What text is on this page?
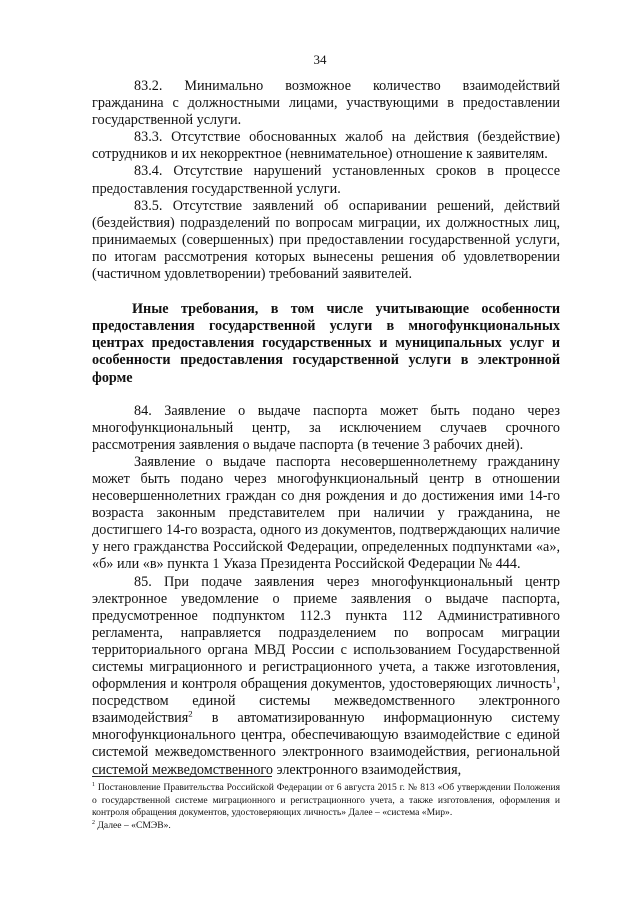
34

83.2. Минимально возможное количество взаимодействий гражданина с должностными лицами, участвующими в предоставлении государственной услуги.

83.3. Отсутствие обоснованных жалоб на действия (бездействие) сотрудников и их некорректное (невнимательное) отношение к заявителям.

83.4. Отсутствие нарушений установленных сроков в процессе предоставления государственной услуги.

83.5. Отсутствие заявлений об оспаривании решений, действий (бездействия) подразделений по вопросам миграции, их должностных лиц, принимаемых (совершенных) при предоставлении государственной услуги, по итогам рассмотрения которых вынесены решения об удовлетворении (частичном удовлетворении) требований заявителей.

Иные требования, в том числе учитывающие особенности предоставления государственной услуги в многофункциональных центрах предоставления государственных и муниципальных услуг и особенности предоставления государственной услуги в электронной форме

84. Заявление о выдаче паспорта может быть подано через многофункциональный центр, за исключением случаев срочного рассмотрения заявления о выдаче паспорта (в течение 3 рабочих дней).

Заявление о выдаче паспорта несовершеннолетнему гражданину может быть подано через многофункциональный центр в отношении несовершеннолетних граждан со дня рождения и до достижения ими 14-го возраста законным представителем при наличии у гражданина, не достигшего 14-го возраста, одного из документов, подтверждающих наличие у него гражданства Российской Федерации, определенных подпунктами «а», «б» или «в» пункта 1 Указа Президента Российской Федерации № 444.

85. При подаче заявления через многофункциональный центр электронное уведомление о приеме заявления о выдаче паспорта, предусмотренное подпунктом 112.3 пункта 112 Административного регламента, направляется подразделением по вопросам миграции территориального органа МВД России с использованием Государственной системы миграционного и регистрационного учета, а также изготовления, оформления и контроля обращения документов, удостоверяющих личность$^1$, посредством единой системы межведомственного электронного взаимодействия$^2$ в автоматизированную информационную систему многофункционального центра, обеспечивающую взаимодействие с единой системой межведомственного электронного взаимодействия, региональной системой межведомственного электронного взаимодействия,

$^1$ Постановление Правительства Российской Федерации от 6 августа 2015 г. № 813 «Об утверждении Положения о государственной системе миграционного и регистрационного учета, а также изготовления, оформления и контроля обращения документов, удостоверяющих личность» Далее – «система «Мир».

$^2$ Далее – «СМЭВ».
